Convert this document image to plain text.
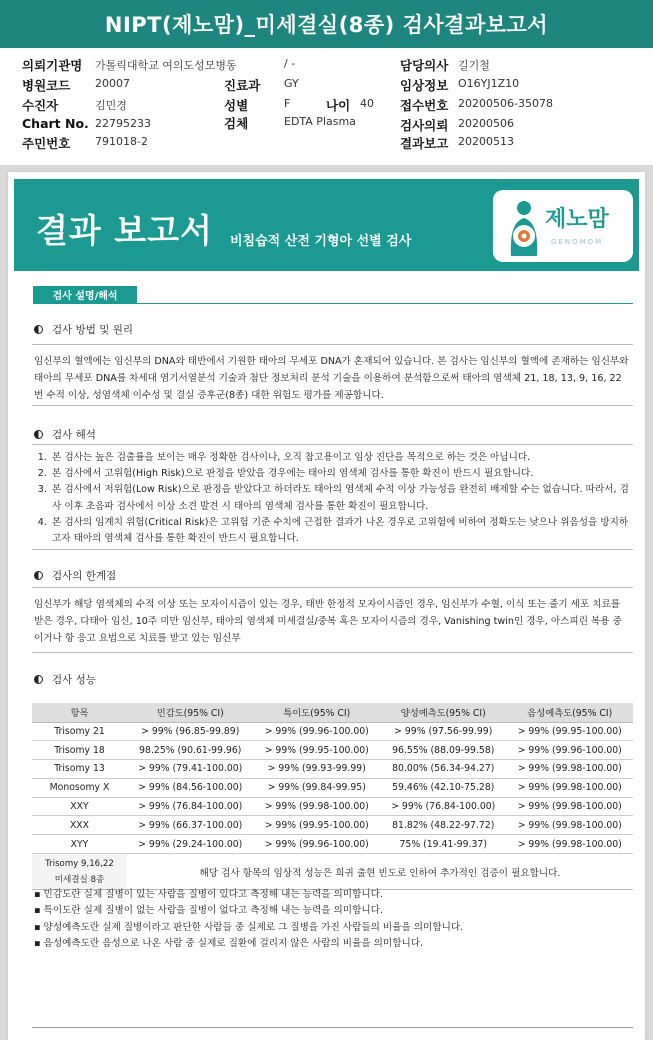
NIPT(제노맘)_미세결실(8종) 검사결과보고서
의뢰기관명 가톨릭대학교 여의도성모병동	/ -
병원코드 20007
수진자	김민경
Chart No. 22795233
주민번호 791018-2
진료과 GY
성별	F	나이 40
검체	EDTA Plasma
담당의사 길기철
임상정보 O16YJ1Z10
접수번호 20200506-35078
검사의뢰 20200506
결과보고 20200513
결과 보고서 비침습적 산전 기형아 선별 검사
제노맘
GENOMOM
검사 설명/해석
검사 방법 및 원리

임신부의 혈액에는 임신부의 DNA와 태반에서 기원한 태아의 무세포 DNA가 혼재되어 있습니다. 본 검사는 임신부의 혈액에 존재하는 임신부와 태아의 무세포 DNA를 차세대 염기서열분석 기술과 첨단 정보처리 분석 기술을 이용하여 분석함으로써 태아의 염색체 21, 18, 13, 9, 16, 22번 수적 이상, 성염색체 이수성 및 결실 증후군(8종) 대한 위험도 평가를 제공합니다.

검사 해석
1. 본 검사는 높은 검출률을 보이는 매우 정확한 검사이나, 오직 참고용이고 임상 진단을 목적으로 하는 것은 아닙니다.
2. 본 검사에서 고위험(High Risk)으로 판정을 받았을 경우에는 태아의 염색체 검사를 통한 확진이 반드시 필요합니다.
3. 본 검사에서 저위험(Low Risk)으로 판정을 받았다고 하더라도 태아의 염색체 수적 이상 가능성을 완전히 배제할 수는 없습니다. 따라서, 검사 이후 초음파 검사에서 이상 소견 발견 시 태아의 염색체 검사를 통한 확진이 필요합니다.
4. 본 검사의 임계치 위험(Critical Risk)은 고위험 기준 수치에 근접한 결과가 나온 경우로 고위험에 비하여 정확도는 낮으나 위음성을 방지하고자 태아의 염색체 검사를 통한 확진이 반드시 필요합니다.
검사의 한계점

임신부가 해당 염색체의 수적 이상 또는 모자이시즘이 있는 경우, 태반 한정적 모자이시즘인 경우, 임신부가 수혈, 이식 또는 줄기 세포 치료를 받은 경우, 다태아 임신, 10주 미만 임신부, 태아의 염색체 미세결실/중복 혹은 모자이시즘의 경우, Vanishing twin인 경우, 아스피린 복용 중이거나 항 응고 요법으로 치료를 받고 있는 임신부

검사 성능
항목	민감도(95% CI)	특이도(95% CI)	양성예측도(95% CI)	음성예측도(95% CI)
Trisomy 21	> 99% (96.85-99.89)	> 99% (99.96-100.00)	> 99% (97.56-99.99)	> 99% (99.95-100.00)
Trisomy 18	98.25% (90.61-99.96)	> 99% (99.95-100.00)	96.55% (88.09-99.58)	> 99% (99.96-100.00)
Trisomy 13	> 99% (79.41-100.00)	> 99% (99.93-99.99)	80.00% (56.34-94.27)	> 99% (99.98-100.00)
Monosomy X	> 99% (84.56-100.00)	> 99% (99.84-99.95)	59.46% (42.10-75.28)	> 99% (99.98-100.00)
XXY	> 99% (76.84-100.00)	> 99% (99.98-100.00)	> 99% (76.84-100.00)	> 99% (99.98-100.00)
XXX	> 99% (66.37-100.00)	> 99% (99.95-100.00)	81.82% (48.22-97.72)	> 99% (99.98-100.00)
XYY	> 99% (29.24-100.00)	> 99% (99.96-100.00)	75% (19.41-99.37)	> 99% (99.98-100.00)

Trisomy 9,16,22
미세결실 8종	해당 검사 항목의 임상적 성능은 희귀 출현 빈도로 인하여 추가적인 검증이 필요합니다.			
▪ 민감도란 실제 질병이 있는 사람을 질병이 있다고 측정해 내는 능력을 의미합니다.
▪ 특이도란 실제 질병이 없는 사람을 질병이 없다고 측정해 내는 능력을 의미합니다.
▪ 양성예측도란 실제 질병이라고 판단한 사람들 중 실제로 그 질병을 가진 사람들의 비율을 의미합니다.
▪ 음성예측도란 음성으로 나온 사람 중 실제로 질환에 걸리지 않은 사람의 비율을 의미합니다.
